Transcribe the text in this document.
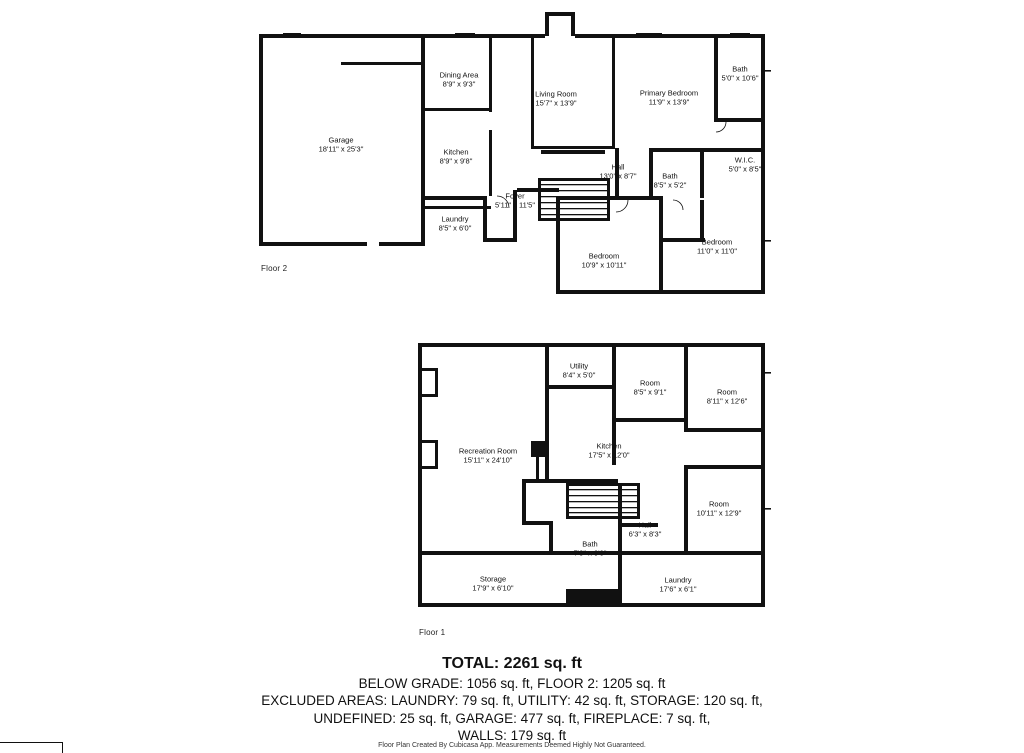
Garage
18'11" x 25'3"
Dining Area
8'9" x 9'3"
Kitchen
8'9" x 9'8"
Living Room
15'7" x 13'9"
Primary Bedroom
11'9" x 13'9"
Bath
5'0" x 10'6"
W.I.C.
5'0" x 8'5"
Hall
13'0" x 8'7"	Bath
8'5" x 5'2"
Foyer
5'11" x 11'5"
Laundry
8'5" x 6'0"
Bedroom
10'9" x 10'11"
Bedroom
11'0" x 11'0"
Utility
8'4" x 5'0"
Room
8'5" x 9'1"	Room
8'11" x 12'6"
Recreation Room
15'11" x 24'10"
Kitchen
17'5" x 12'0"
Room
10'11" x 12'9"
Hall
6'3" x 8'3"
Bath
7'9" x 9'6"
Storage
17'9" x 6'10"
Laundry
17'6" x 6'1"
Floor 2
Floor 1
TOTAL: 2261 sq. ft
BELOW GRADE: 1056 sq. ft, FLOOR 2: 1205 sq. ft
EXCLUDED AREAS: LAUNDRY: 79 sq. ft, UTILITY: 42 sq. ft, STORAGE: 120 sq. ft,
UNDEFINED: 25 sq. ft, GARAGE: 477 sq. ft, FIREPLACE: 7 sq. ft,
WALLS: 179 sq. ft
Floor Plan Created By Cubicasa App. Measurements Deemed Highly Not Guaranteed.
